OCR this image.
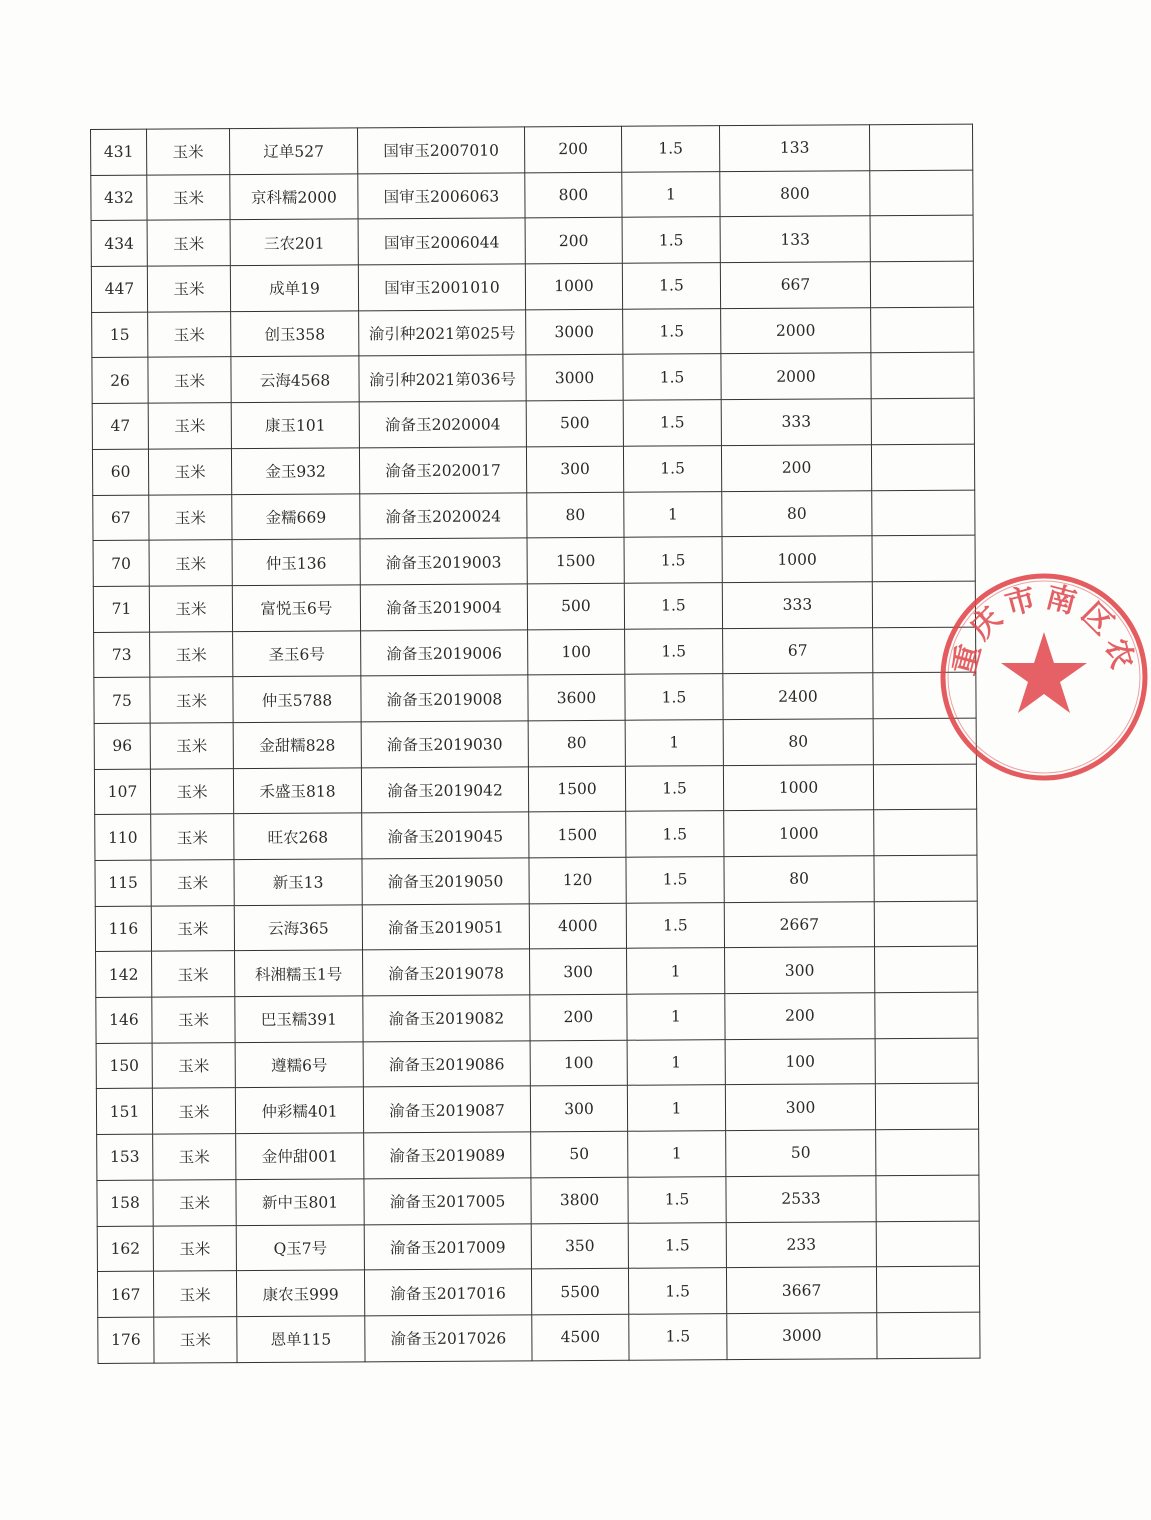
431	玉米	辽单527	国审玉2007010	200	1.5	133	
432	玉米	京科糯2000	国审玉2006063	800	1	800	
434	玉米	三农201	国审玉2006044	200	1.5	133	
447	玉米	成单19	国审玉2001010	1000	1.5	667	
15	玉米	创玉358	渝引种2021第025号	3000	1.5	2000	
26	玉米	云海4568	渝引种2021第036号	3000	1.5	2000	
47	玉米	康玉101	渝备玉2020004	500	1.5	333	
60	玉米	金玉932	渝备玉2020017	300	1.5	200	
67	玉米	金糯669	渝备玉2020024	80	1	80	
70	玉米	仲玉136	渝备玉2019003	1500	1.5	1000	
71	玉米	富悦玉6号	渝备玉2019004	500	1.5	333	
73	玉米	圣玉6号	渝备玉2019006	100	1.5	67	
75	玉米	仲玉5788	渝备玉2019008	3600	1.5	2400	
96	玉米	金甜糯828	渝备玉2019030	80	1	80	
107	玉米	禾盛玉818	渝备玉2019042	1500	1.5	1000	
110	玉米	旺农268	渝备玉2019045	1500	1.5	1000	
115	玉米	新玉13	渝备玉2019050	120	1.5	80	
116	玉米	云海365	渝备玉2019051	4000	1.5	2667	
142	玉米	科湘糯玉1号	渝备玉2019078	300	1	300	
146	玉米	巴玉糯391	渝备玉2019082	200	1	200	
150	玉米	遵糯6号	渝备玉2019086	100	1	100	
151	玉米	仲彩糯401	渝备玉2019087	300	1	300	
153	玉米	金仲甜001	渝备玉2019089	50	1	50	
158	玉米	新中玉801	渝备玉2017005	3800	1.5	2533	
162	玉米	Q玉7号	渝备玉2017009	350	1.5	233	
167	玉米	康农玉999	渝备玉2017016	5500	1.5	3667	
176	玉米	恩单115	渝备玉2017026	4500	1.5	3000	
重庆市南区农
